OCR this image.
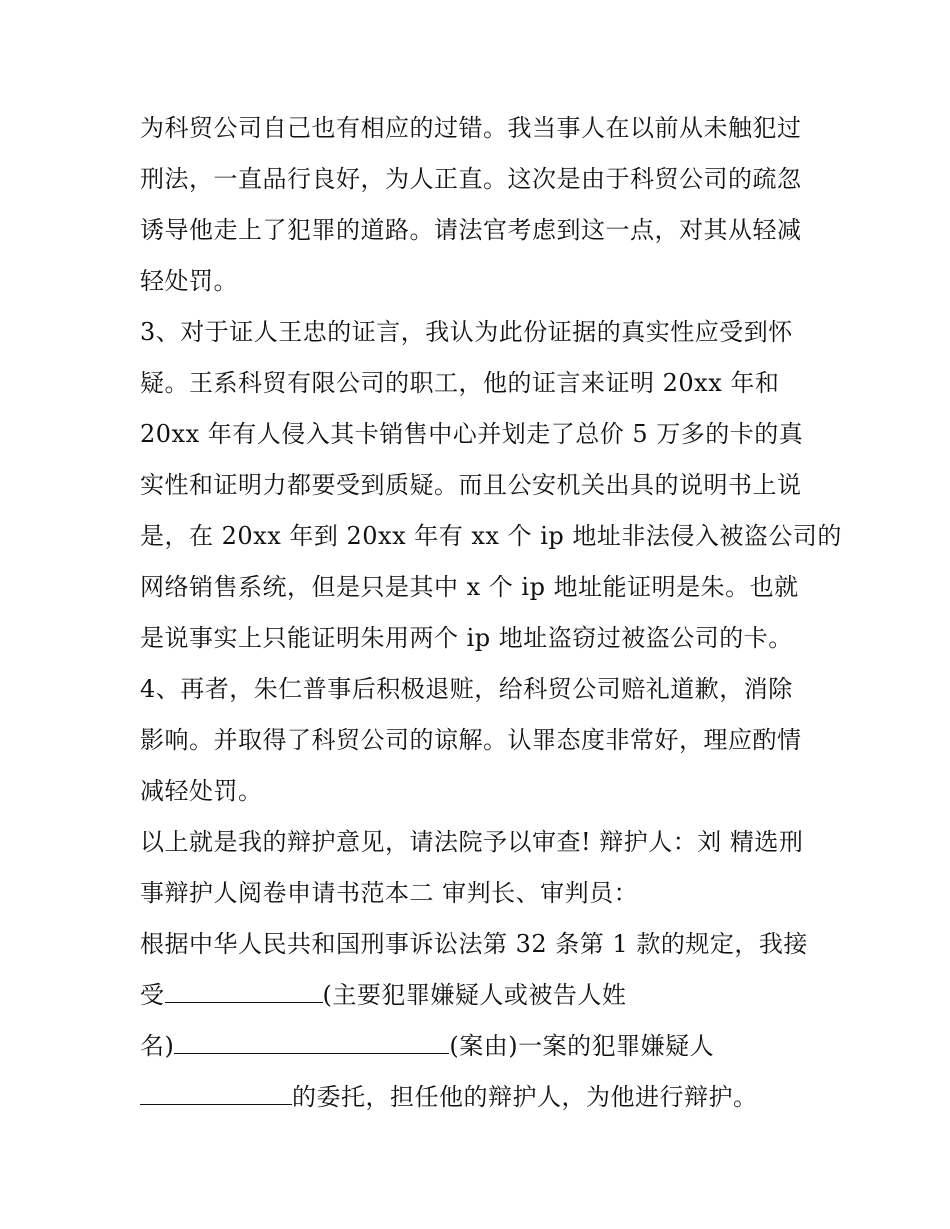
为科贸公司自己也有相应的过错。我当事人在以前从未触犯过
刑法，一直品行良好，为人正直。这次是由于科贸公司的疏忽
诱导他走上了犯罪的道路。请法官考虑到这一点，对其从轻减
轻处罚。
3、对于证人王忠的证言，我认为此份证据的真实性应受到怀
疑。王系科贸有限公司的职工，他的证言来证明 20xx 年和
20xx 年有人侵入其卡销售中心并划走了总价 5 万多的卡的真
实性和证明力都要受到质疑。而且公安机关出具的说明书上说
是，在 20xx 年到 20xx 年有 xx 个 ip 地址非法侵入被盗公司的
网络销售系统，但是只是其中 x 个 ip 地址能证明是朱。也就
是说事实上只能证明朱用两个 ip 地址盗窃过被盗公司的卡。
4、再者，朱仁普事后积极退赃，给科贸公司赔礼道歉，消除
影响。并取得了科贸公司的谅解。认罪态度非常好，理应酌情
减轻处罚。
以上就是我的辩护意见，请法院予以审查! 辩护人：刘 精选刑
事辩护人阅卷申请书范本二 审判长、审判员：
根据中华人民共和国刑事诉讼法第 32 条第 1 款的规定，我接
受	(主要犯罪嫌疑人或被告人姓
名)	(案由)一案的犯罪嫌疑人
的委托，担任他的辩护人，为他进行辩护。
